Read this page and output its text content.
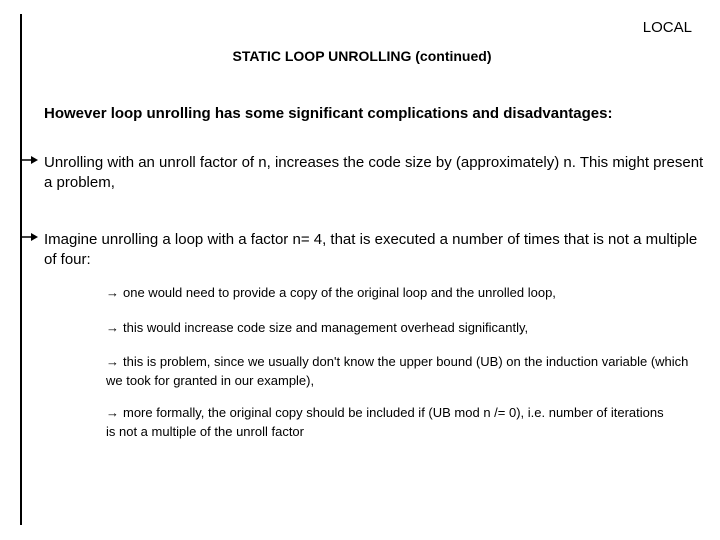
LOCAL
STATIC LOOP UNROLLING (continued)
However loop unrolling has some significant complications and disadvantages:
Unrolling with an unroll factor of n, increases the code size by (approximately) n. This might present a problem,
Imagine unrolling a loop with a factor n= 4, that is executed a number of times that is not a multiple of four:
→ one would need to provide a copy of the original loop and the unrolled loop,
→ this would increase code size and management overhead significantly,
→ this is problem, since we usually don't know the upper bound (UB) on the induction variable (which we took for granted in our example),
→ more formally, the original copy should be included if (UB mod n /= 0), i.e. number of iterations is not a multiple of the unroll factor
